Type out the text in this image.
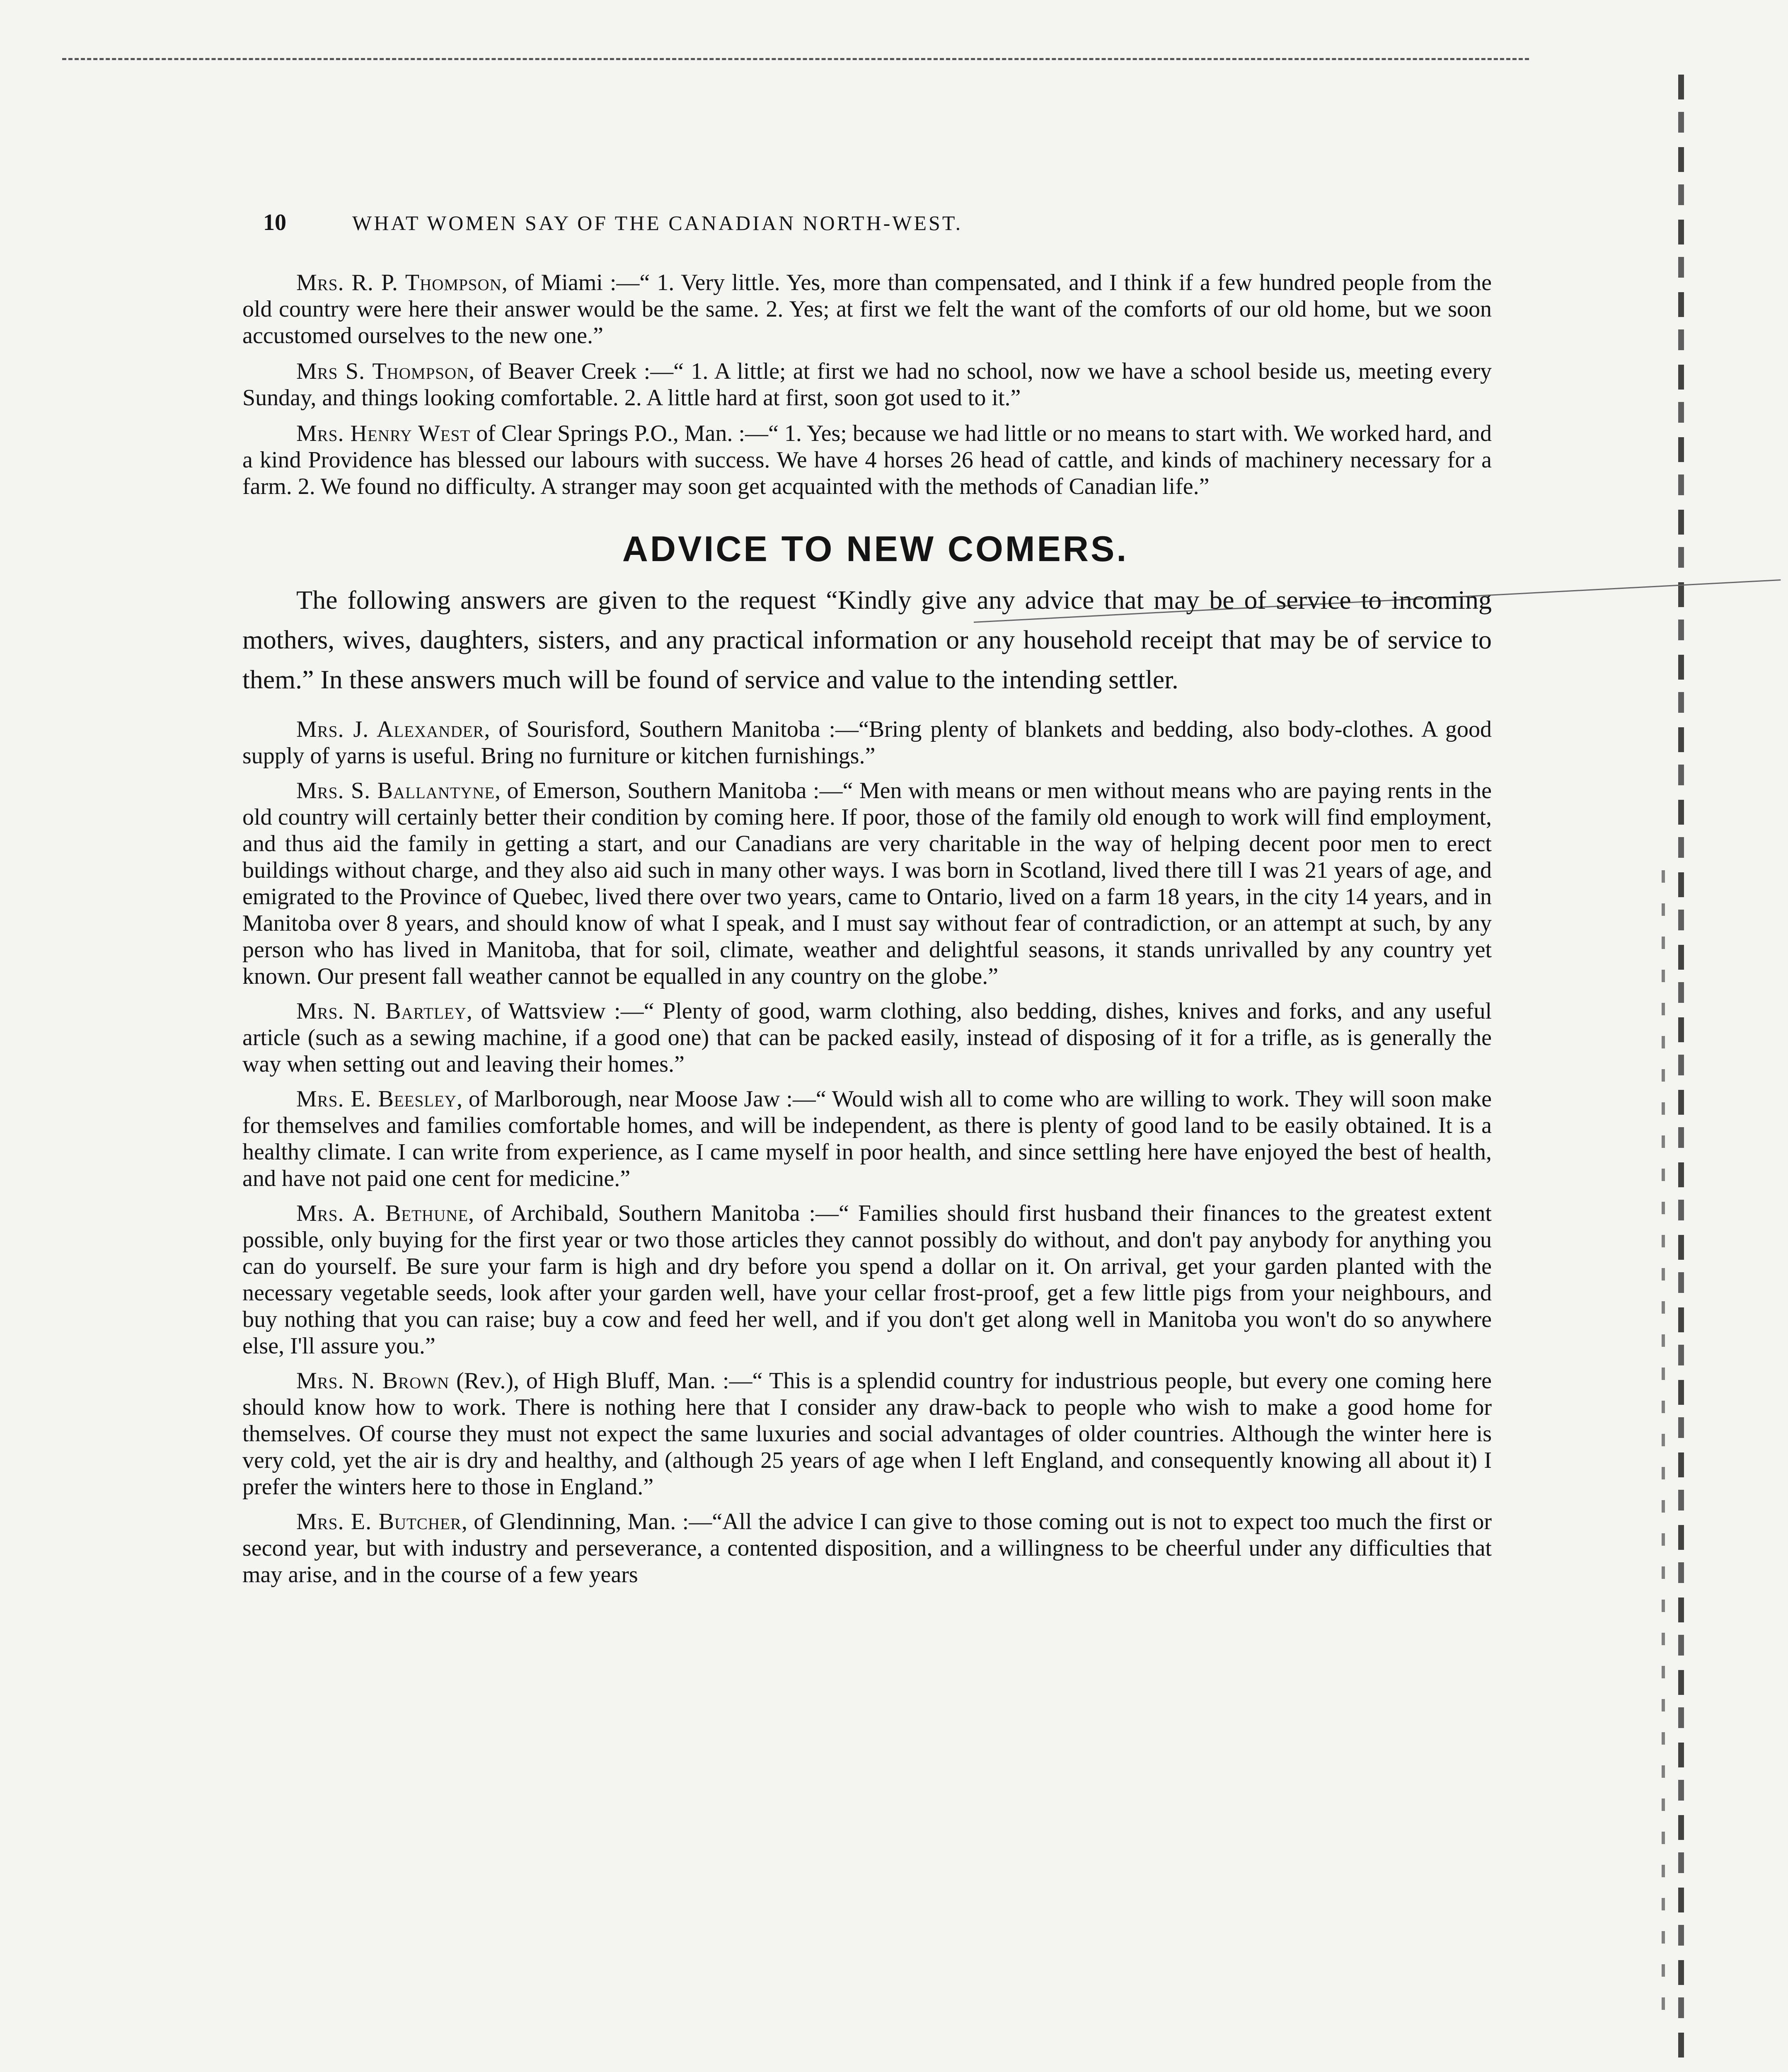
10	WHAT WOMEN SAY OF THE CANADIAN NORTH-WEST.

Mrs. R. P. Thompson, of Miami :—“ 1. Very little. Yes, more than compensated, and I think if a few hundred people from the old country were here their answer would be the same. 2. Yes; at first we felt the want of the comforts of our old home, but we soon accustomed ourselves to the new one.”

Mrs S. Thompson, of Beaver Creek :—“ 1. A little; at first we had no school, now we have a school beside us, meeting every Sunday, and things looking comfortable. 2. A little hard at first, soon got used to it.”

Mrs. Henry West of Clear Springs P.O., Man. :—“ 1. Yes; because we had little or no means to start with. We worked hard, and a kind Providence has blessed our labours with success. We have 4 horses 26 head of cattle, and kinds of machinery necessary for a farm. 2. We found no difficulty. A stranger may soon get acquainted with the methods of Canadian life.”

ADVICE TO NEW COMERS.

The following answers are given to the request “Kindly give any advice that may be of service to incoming mothers, wives, daughters, sisters, and any practical information or any household receipt that may be of service to them.” In these answers much will be found of service and value to the intending settler.

Mrs. J. Alexander, of Sourisford, Southern Manitoba :—“Bring plenty of blankets and bedding, also body-clothes. A good supply of yarns is useful. Bring no furniture or kitchen furnishings.”

Mrs. S. Ballantyne, of Emerson, Southern Manitoba :—“ Men with means or men without means who are paying rents in the old country will certainly better their condition by coming here. If poor, those of the family old enough to work will find employment, and thus aid the family in getting a start, and our Canadians are very charitable in the way of helping decent poor men to erect buildings without charge, and they also aid such in many other ways. I was born in Scotland, lived there till I was 21 years of age, and emigrated to the Province of Quebec, lived there over two years, came to Ontario, lived on a farm 18 years, in the city 14 years, and in Manitoba over 8 years, and should know of what I speak, and I must say without fear of contradiction, or an attempt at such, by any person who has lived in Manitoba, that for soil, climate, weather and delightful seasons, it stands unrivalled by any country yet known. Our present fall weather cannot be equalled in any country on the globe.”

Mrs. N. Bartley, of Wattsview :—“ Plenty of good, warm clothing, also bedding, dishes, knives and forks, and any useful article (such as a sewing machine, if a good one) that can be packed easily, instead of disposing of it for a trifle, as is generally the way when setting out and leaving their homes.”

Mrs. E. Beesley, of Marlborough, near Moose Jaw :—“ Would wish all to come who are willing to work. They will soon make for themselves and families comfortable homes, and will be independent, as there is plenty of good land to be easily obtained. It is a healthy climate. I can write from experience, as I came myself in poor health, and since settling here have enjoyed the best of health, and have not paid one cent for medicine.”

Mrs. A. Bethune, of Archibald, Southern Manitoba :—“ Families should first husband their finances to the greatest extent possible, only buying for the first year or two those articles they cannot possibly do without, and don't pay anybody for anything you can do yourself. Be sure your farm is high and dry before you spend a dollar on it. On arrival, get your garden planted with the necessary vegetable seeds, look after your garden well, have your cellar frost-proof, get a few little pigs from your neighbours, and buy nothing that you can raise; buy a cow and feed her well, and if you don't get along well in Manitoba you won't do so anywhere else, I'll assure you.”

Mrs. N. Brown (Rev.), of High Bluff, Man. :—“ This is a splendid country for industrious people, but every one coming here should know how to work. There is nothing here that I consider any draw-back to people who wish to make a good home for themselves. Of course they must not expect the same luxuries and social advantages of older countries. Although the winter here is very cold, yet the air is dry and healthy, and (although 25 years of age when I left England, and consequently knowing all about it) I prefer the winters here to those in England.”

Mrs. E. Butcher, of Glendinning, Man. :—“All the advice I can give to those coming out is not to expect too much the first or second year, but with industry and perseverance, a contented disposition, and a willingness to be cheerful under any difficulties that may arise, and in the course of a few years
